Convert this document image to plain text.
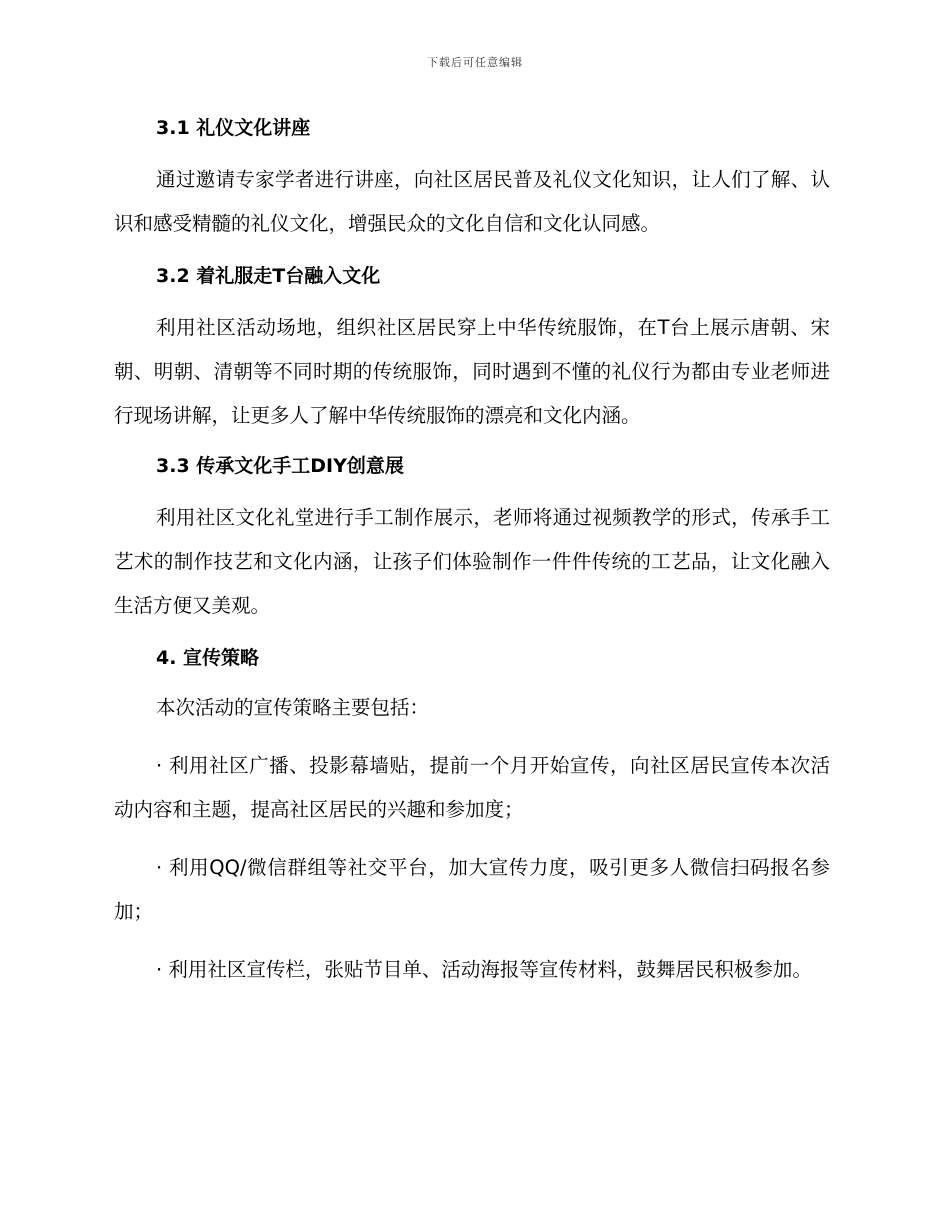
下载后可任意编辑
3.1 礼仪文化讲座

通过邀请专家学者进行讲座，向社区居民普及礼仪文化知识，让人们了解、认识和感受精髓的礼仪文化，增强民众的文化自信和文化认同感。

3.2 着礼服走T台融入文化

利用社区活动场地，组织社区居民穿上中华传统服饰，在T台上展示唐朝、宋朝、明朝、清朝等不同时期的传统服饰，同时遇到不懂的礼仪行为都由专业老师进行现场讲解，让更多人了解中华传统服饰的漂亮和文化内涵。

3.3 传承文化手工DIY创意展

利用社区文化礼堂进行手工制作展示，老师将通过视频教学的形式，传承手工艺术的制作技艺和文化内涵，让孩子们体验制作一件件传统的工艺品，让文化融入生活方便又美观。

4. 宣传策略

本次活动的宣传策略主要包括：

· 利用社区广播、投影幕墙贴，提前一个月开始宣传，向社区居民宣传本次活动内容和主题，提高社区居民的兴趣和参加度；

· 利用QQ/微信群组等社交平台，加大宣传力度，吸引更多人微信扫码报名参加；

· 利用社区宣传栏，张贴节目单、活动海报等宣传材料，鼓舞居民积极参加。
